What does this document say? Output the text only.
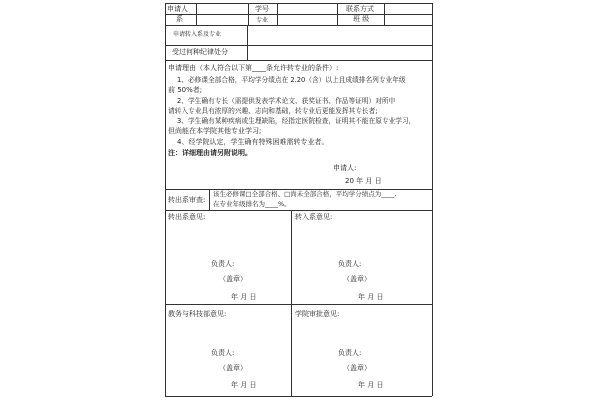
申请人	学号	联系方式
系	专业	班 级
申请转入系及专业
受过何种纪律处分
申请理由（本人符合以下第____条允许转专业的条件）:
1、必修课全部合格，平均学分绩点在 2.20（含）以上且成绩排名列专业年级
前 50%者;
2、学生确有专长（需提供发表学术论文、获奖证书、作品等证明）对所申
请转入专业具有浓厚的兴趣、志向和基础，转专业后更能发挥其专长者;
3、学生确有某种疾病或生理缺陷，经指定医院检查，证明其不能在原专业学习，
但尚能在本学院其他专业学习;
4、经学院认定，学生确有特殊困难需转专业者。
注：详细理由请另附说明。
申请人:
20 年 月 日
转出系审查:
该生必修课□全部合格、□尚未全部合格，平均学分绩点为____,
在专业年级排名为____%。
转出系意见:
负责人:
（盖章）
年 月 日
转入系意见:
负责人:
（盖章）
年 月 日
教务与科技部意见:
负责人:
（盖章）
年 月 日
学院审批意见:
负责人:
（盖章）
年 月 日
